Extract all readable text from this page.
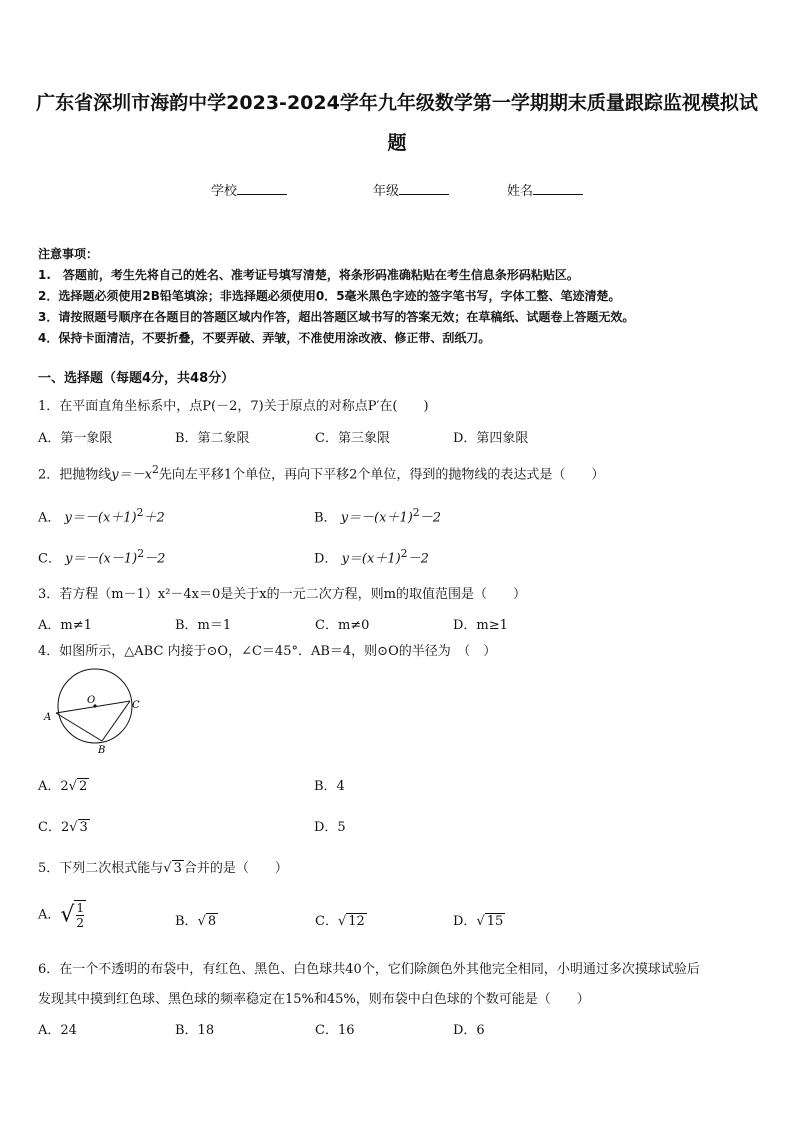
广东省深圳市海韵中学2023-2024学年九年级数学第一学期期末质量跟踪监视模拟试
题
学校	年级	姓名
注意事项：
1.　答题前，考生先将自己的姓名、准考证号填写清楚，将条形码准确粘贴在考生信息条形码粘贴区。
2．选择题必须使用2B铅笔填涂；非选择题必须使用0．5毫米黑色字迹的签字笔书写，字体工整、笔迹清楚。
3．请按照题号顺序在各题目的答题区域内作答，超出答题区域书写的答案无效；在草稿纸、试题卷上答题无效。
4．保持卡面清洁，不要折叠，不要弄破、弄皱，不准使用涂改液、修正带、刮纸刀。
一、选择题（每题4分，共48分）
1．在平面直角坐标系中，点P(－2，7)关于原点的对称点P′在(　　)
A．第一象限	B．第二象限	C．第三象限	D．第四象限
2．把抛物线$y=-x^2$先向左平移1个单位，再向下平移2个单位，得到的抛物线的表达式是（　　）
A． $y=-(x+1)^2+2$	B． $y=-(x+1)^2-2$
C． $y=-(x-1)^2-2$	D． $y=(x+1)^2-2$
3．若方程（m－1）x²－4x＝0是关于x的一元二次方程，则m的取值范围是（　　）
A．m≠1	B．m＝1	C．m≠0	D．m≥1
4．如图所示，△ABC 内接于⊙O，∠C＝45°．AB＝4，则⊙O的半径为　（　）
O
A
B
C
A．2√ 2	B．4
C．2√ 3	D．5
5．下列二次根式能与√ 3 合并的是（　　）
A．√ $\frac{1}{2}$	B．√ 8	C．√ 12	D．√ 15
6．在一个不透明的布袋中，有红色、黑色、白色球共40个，它们除颜色外其他完全相同，小明通过多次摸球试验后
发现其中摸到红色球、黑色球的频率稳定在15%和45%，则布袋中白色球的个数可能是（　　）
A．24	B．18	C．16	D．6
